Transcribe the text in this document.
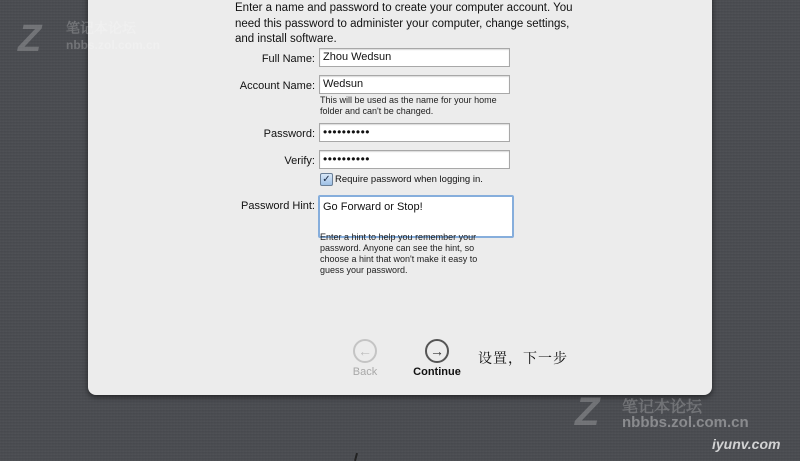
Enter a name and password to create your computer account. You need this password to administer your computer, change settings, and install software.
Full Name: Zhou Wedsun
Account Name: Wedsun
This will be used as the name for your home folder and can't be changed.
Password: ••••••••••
Verify: ••••••••••
✓ Require password when logging in.
Password Hint: Go Forward or Stop!
Enter a hint to help you remember your password. Anyone can see the hint, so choose a hint that won't make it easy to guess your password.
←
Back
→
Continue
设置，下一步
Z 笔记本论坛
nbbs.zol.com.cn
Z 笔记本论坛
nbbbs.zol.com.cn
iyunv.com
